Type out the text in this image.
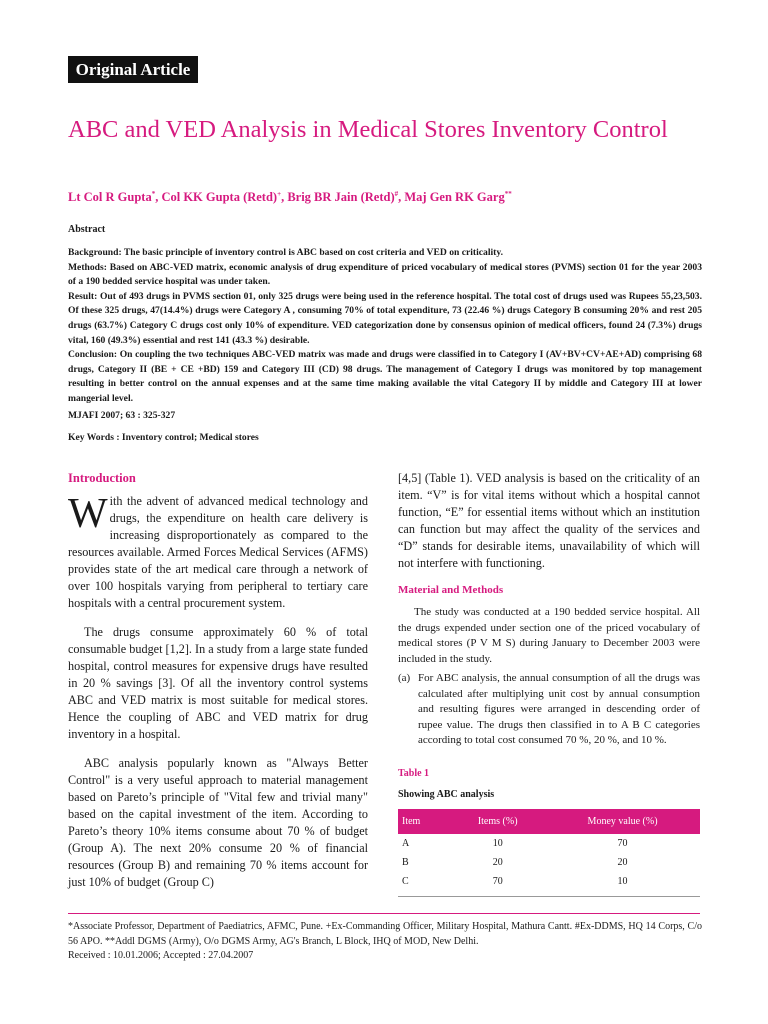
Original Article
ABC and VED Analysis in Medical Stores Inventory Control
Lt Col R Gupta*, Col KK Gupta (Retd)+, Brig BR Jain (Retd)#, Maj Gen RK Garg**
Abstract

Background: The basic principle of inventory control is ABC based on cost criteria and VED on criticality.

Methods: Based on ABC-VED matrix, economic analysis of drug expenditure of priced vocabulary of medical stores (PVMS) section 01 for the year 2003 of a 190 bedded service hospital was under taken.

Result: Out of 493 drugs in PVMS section 01, only 325 drugs were being used in the reference hospital. The total cost of drugs used was Rupees 55,23,503. Of these 325 drugs, 47(14.4%) drugs were Category A , consuming 70% of total expenditure, 73 (22.46 %) drugs Category B consuming 20% and rest 205 drugs (63.7%) Category C drugs cost only 10% of expenditure. VED categorization done by consensus opinion of medical officers, found 24 (7.3%) drugs vital, 160 (49.3%) essential and rest 141 (43.3 %) desirable.

Conclusion: On coupling the two techniques ABC-VED matrix was made and drugs were classified in to Category I (AV+BV+CV+AE+AD) comprising 68 drugs, Category II (BE + CE +BD) 159 and Category III (CD) 98 drugs. The management of Category I drugs was monitored by top management resulting in better control on the annual expenses and at the same time making available the vital Category II by middle and Category III at lower mangerial level.

MJAFI 2007; 63 : 325-327
Key Words : Inventory control; Medical stores
Introduction

With the advent of advanced medical technology and drugs, the expenditure on health care delivery is increasing disproportionately as compared to the resources available. Armed Forces Medical Services (AFMS) provides state of the art medical care through a network of over 100 hospitals varying from peripheral to tertiary care hospitals with a central procurement system.

The drugs consume approximately 60 % of total consumable budget [1,2]. In a study from a large state funded hospital, control measures for expensive drugs have resulted in 20 % savings [3]. Of all the inventory control systems ABC and VED matrix is most suitable for medical stores. Hence the coupling of ABC and VED matrix for drug inventory in a hospital.

ABC analysis popularly known as "Always Better Control" is a very useful approach to material management based on Pareto’s principle of "Vital few and trivial many" based on the capital investment of the item. According to Pareto’s theory 10% items consume about 70 % of budget (Group A). The next 20% consume 20 % of financial resources (Group B) and remaining 70 % items account for just 10% of budget (Group C)

[4,5] (Table 1). VED analysis is based on the criticality of an item. “V” is for vital items without which a hospital cannot function, “E” for essential items without which an institution can function but may affect the quality of the services and “D” stands for desirable items, unavailability of which will not interfere with functioning.

Material and Methods

The study was conducted at a 190 bedded service hospital. All the drugs expended under section one of the priced vocabulary of medical stores (P V M S) during January to December 2003 were included in the study.

(a) For ABC analysis, the annual consumption of all the drugs was calculated after multiplying unit cost by annual consumption and resulting figures were arranged in descending order of rupee value. The drugs then classified in to A B C categories according to total cost consumed 70 %, 20 %, and 10 %.
Table 1
Showing ABC analysis
Item	Items (%)	Money value (%)
A	10	70
B	20	20
C	70	10
*Associate Professor, Department of Paediatrics, AFMC, Pune. +Ex-Commanding Officer, Military Hospital, Mathura Cantt. #Ex-DDMS, HQ 14 Corps, C/o 56 APO. **Addl DGMS (Army), O/o DGMS Army, AG's Branch, L Block, IHQ of MOD, New Delhi.
Received : 10.01.2006; Accepted : 27.04.2007
